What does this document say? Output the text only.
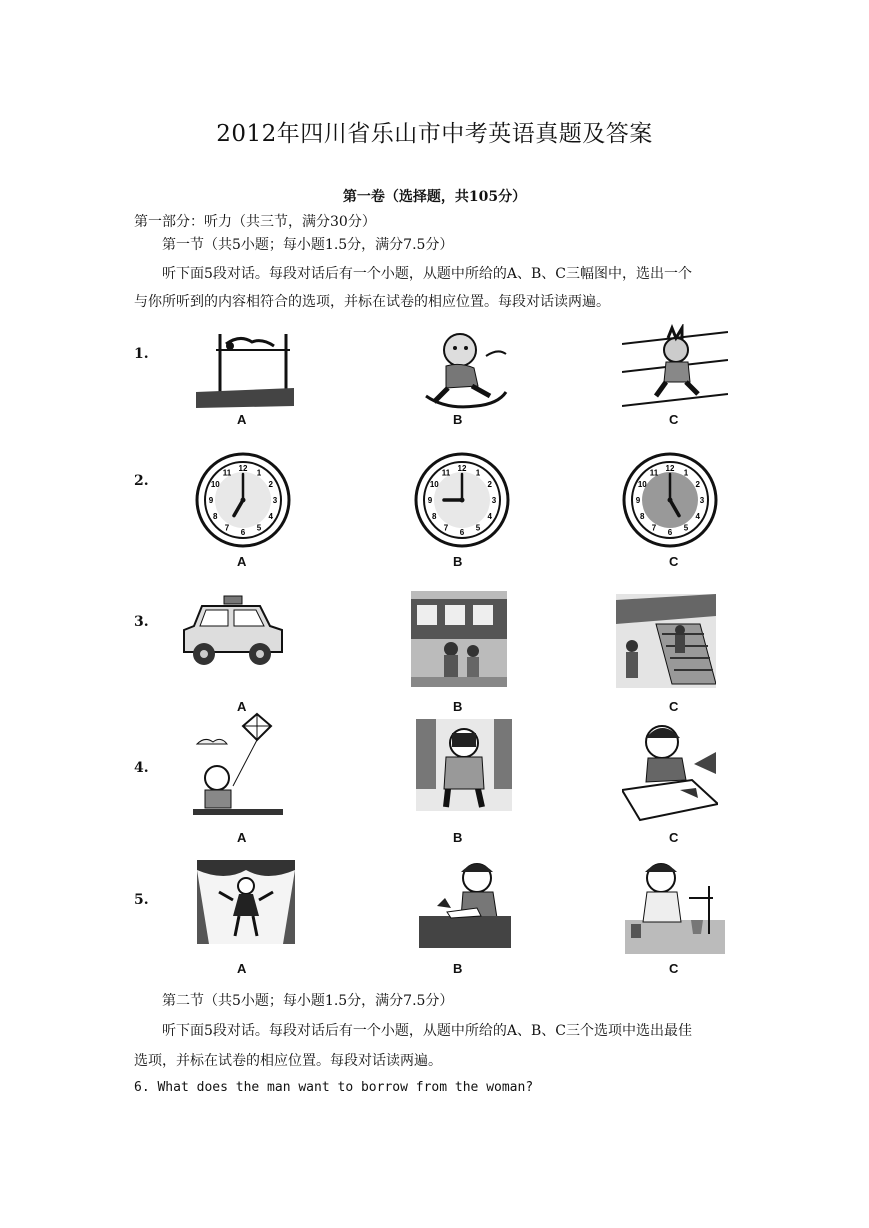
2012年四川省乐山市中考英语真题及答案
第一卷（选择题，共105分）
第一部分：听力（共三节，满分30分）
第一节（共5小题；每小题1.5分，满分7.5分）
听下面5段对话。每段对话后有一个小题，从题中所给的A、B、C三幅图中，选出一个
与你所听到的内容相符合的选项，并标在试卷的相应位置。每段对话读两遍。
1.
A	B	C
2.
12 1
2
3
4
5
6
7
8
9
10
11	12 1
2
3
4
5
6
7
8
9
10
11	12 1
2
3
4
5
6
7
8
9
10
11
A	B	C
3.
A	B	C
4.
A	B	C
5.
A	B	C
第二节（共5小题；每小题1.5分，满分7.5分）
听下面5段对话。每段对话后有一个小题，从题中所给的A、B、C三个选项中选出最佳
选项，并标在试卷的相应位置。每段对话读两遍。
6. What does the man want to borrow from the woman?
